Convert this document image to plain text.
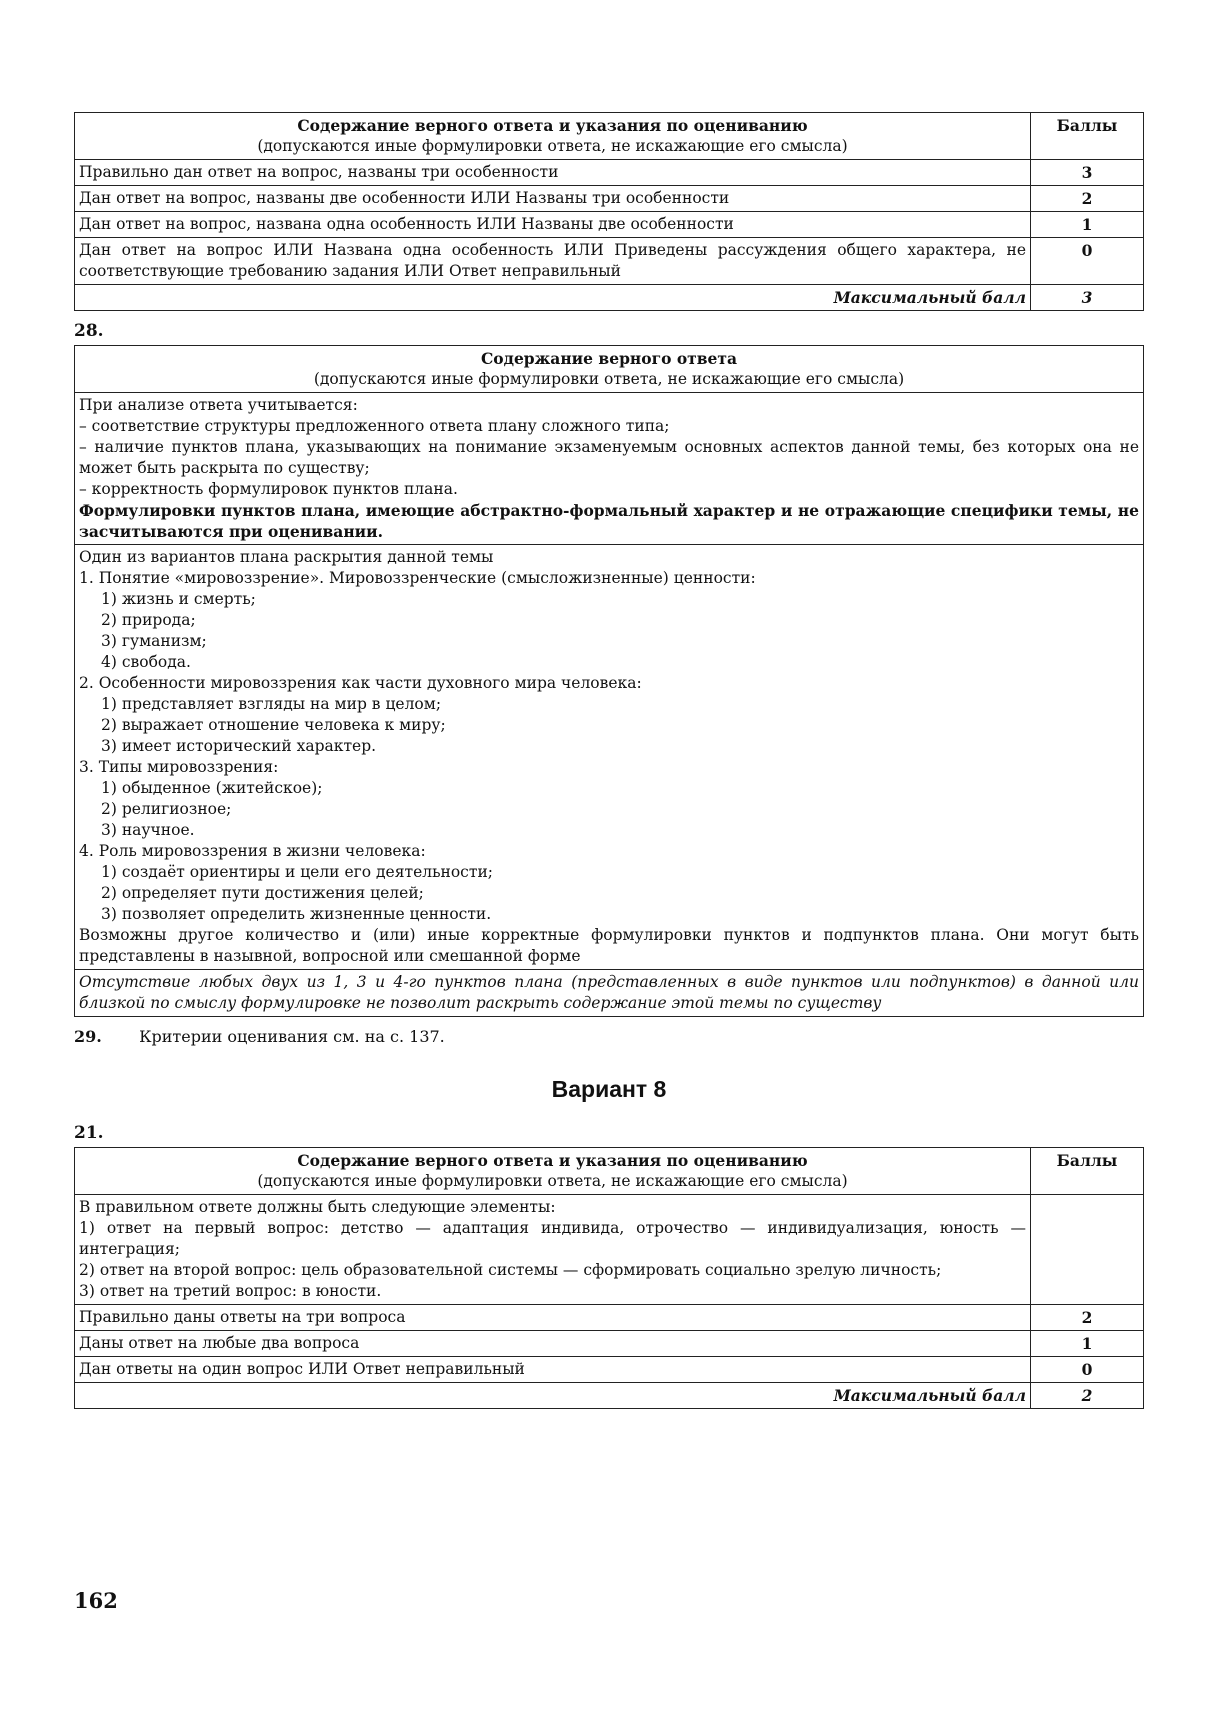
Содержание верного ответа и указания по оцениванию
(допускаются иные формулировки ответа, не искажающие его смысла)	Баллы
Правильно дан ответ на вопрос, названы три особенности	3
Дан ответ на вопрос, названы две особенности ИЛИ Названы три особенности	2
Дан ответ на вопрос, названа одна особенность ИЛИ Названы две особенности	1
Дан ответ на вопрос ИЛИ Названа одна особенность ИЛИ Приведены рассуждения общего характера, не соответствующие требованию задания ИЛИ Ответ неправильный	0
Максимальный балл	3
28.
Содержание верного ответа
(допускаются иные формулировки ответа, не искажающие его смысла)

При анализе ответа учитывается:
– соответствие структуры предложенного ответа плану сложного типа;
– наличие пунктов плана, указывающих на понимание экзаменуемым основных аспектов данной темы, без которых она не может быть раскрыта по существу;
– корректность формулировок пунктов плана.
Формулировки пунктов плана, имеющие абстрактно-формальный характер и не отражающие специфики темы, не засчитываются при оценивании.

Один из вариантов плана раскрытия данной темы
1. Понятие «мировоззрение». Мировоззренческие (смысложизненные) ценности:
1) жизнь и смерть;
2) природа;
3) гуманизм;
4) свобода.
2. Особенности мировоззрения как части духовного мира человека:
1) представляет взгляды на мир в целом;
2) выражает отношение человека к миру;
3) имеет исторический характер.
3. Типы мировоззрения:
1) обыденное (житейское);
2) религиозное;
3) научное.
4. Роль мировоззрения в жизни человека:
1) создаёт ориентиры и цели его деятельности;
2) определяет пути достижения целей;
3) позволяет определить жизненные ценности.
Возможны другое количество и (или) иные корректные формулировки пунктов и подпунктов плана. Они могут быть представлены в назывной, вопросной или смешанной форме

Отсутствие любых двух из 1, 3 и 4-го пунктов плана (представленных в виде пунктов или подпунктов) в данной или близкой по смыслу формулировке не позволит раскрыть содержание этой темы по существу
29. Критерии оценивания см. на с. 137.
Вариант 8
21.
Содержание верного ответа и указания по оцениванию
(допускаются иные формулировки ответа, не искажающие его смысла)	Баллы

В правильном ответе должны быть следующие элементы:
1) ответ на первый вопрос: детство — адаптация индивида, отрочество — индивидуализация, юность — интеграция;
2) ответ на второй вопрос: цель образовательной системы — сформировать социально зрелую личность;
3) ответ на третий вопрос: в юности.	

Правильно даны ответы на три вопроса	2
Даны ответ на любые два вопроса	1
Дан ответы на один вопрос ИЛИ Ответ неправильный	0
Максимальный балл	2
162
